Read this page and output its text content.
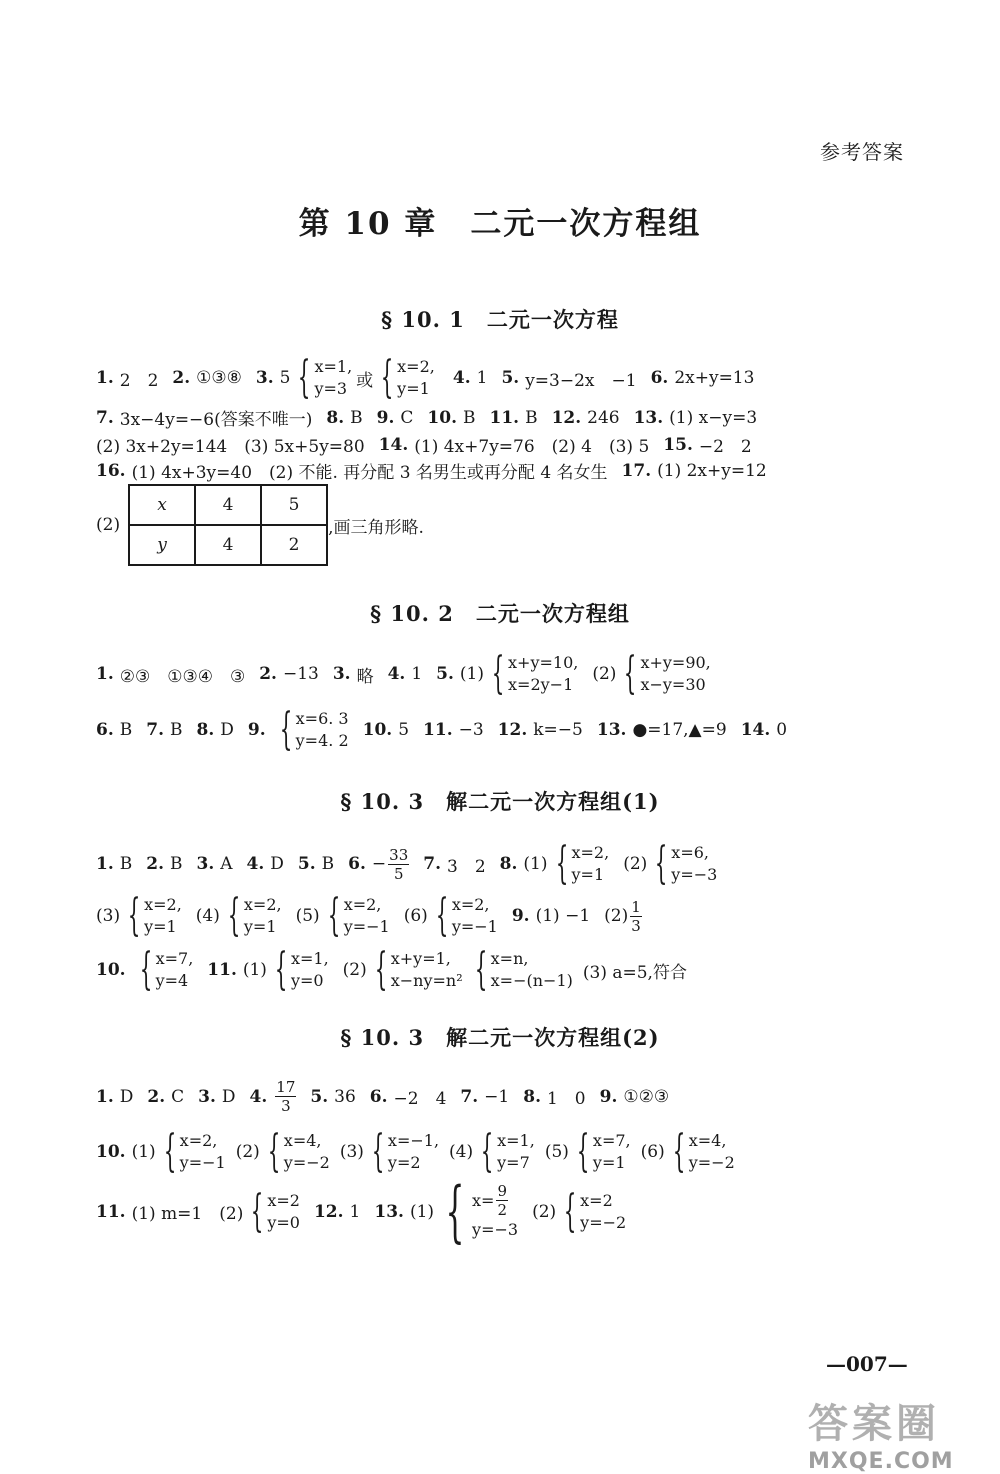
参考答案
第 10 章　二元一次方程组
§ 10. 1　二元一次方程
1. 2　2 2. ①③⑧ 3. 5 { x=1,
y=3 或 { x=2,
y=1
4. 1 5. y=3−2x　−1 6. 2x+y=13
7. 3x−4y=−6(答案不唯一) 8. B 9. C 10. B 11. B 12. 246 13. (1) x−y=3
(2) 3x+2y=144　(3) 5x+5y=80 14. (1) 4x+7y=76　(2) 4　(3) 5 15. −2　2
16. (1) 4x+3y=40　(2) 不能. 再分配 3 名男生或再分配 4 名女生 17. (1) 2x+y=12
(2)
x	4	5
y	4	2
,画三角形略.
§ 10. 2　二元一次方程组
1. ②③　①③④　③ 2. −13 3. 略 4. 1 5. (1) { x+y=10,
x=2y−1
(2) { x+y=90,
x−y=30
6. B 7. B 8. D 9. { x=6. 3
y=4. 2
10. 5 11. −3 12. k=−5 13. ●=17,▲=9 14. 0
§ 10. 3　解二元一次方程组(1)
1. B 2. B 3. A 4. D 5. B 6. − $\frac{33}{5} 7$. 3　2 8. (1) { x=2,
y=1
(2) { x=6,
y=−3
(3) { x=2,
y=1
(4) { x=2,
y=1
(5) { x=2,
y=−1
(6) { x=2,
y=−1
9. (1) −1 $(2) \frac{1}{3}$
10. { x=7,
y=4
11. (1) { x=1,
y=0
(2) { x+y=1,
x−ny=n² { x=n,
x=−(n−1) (3) a=5,符合
§ 10. 3　解二元一次方程组(2)
1. D 2. C 3. D 4. $\frac{17}{3} 5$. 36 6. −2　4 7. −1 8. 1　0 9. ①②③
10. (1) { x=2,
y=−1
(2) { x=4,
y=−2
(3) { x=−1,
y=2
(4) { x=1,
y=7
(5) { x=7,
y=1
(6) { x=4,
y=−2
11. (1) m=1　(2) { x=2
y=0
12. 1 13. (1) { $x= \frac{9}{2}$
y=−3
(2) { x=2
y=−2
—007—
答案圈
MXQE.COM
